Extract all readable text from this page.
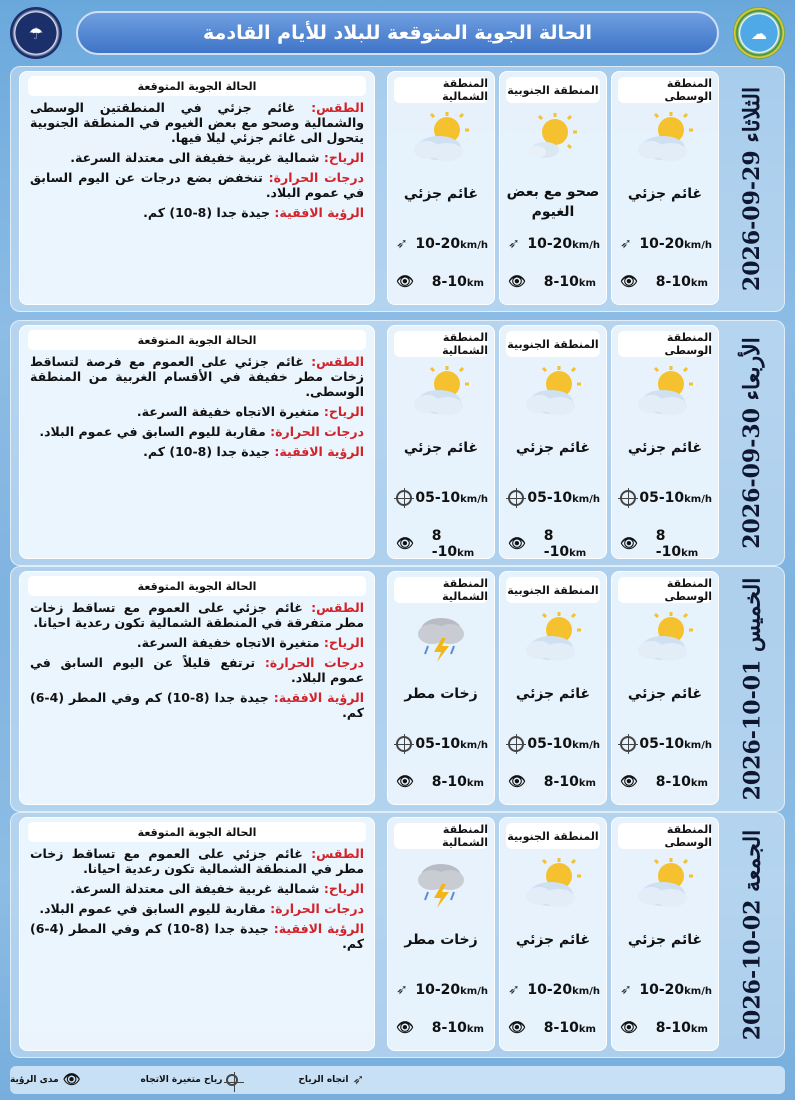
☂	الحالة الجوية المتوقعة للبلاد للأيام القادمة	☁
الثلاثاء 29-09-2026
المنطقة الوسطى
غائم جزئي
➶ 10-20km/h
👁 8-10km
المنطقة الجنوبية
صحو مع بعض الغيوم
➶ 10-20km/h
👁 8-10km
المنطقة الشمالية
غائم جزئي
➶ 10-20km/h
👁 8-10km
الحالة الجوية المتوقعة

الطقس: غائم جزئي في المنطقتين الوسطى والشمالية وصحو مع بعض الغيوم في المنطقة الجنوبية يتحول الى غائم جزئي ليلا فيها.

الرياح: شمالية غربية خفيفة الى معتدلة السرعة.

درجات الحرارة: تنخفض بضع درجات عن اليوم السابق في عموم البلاد.

الرؤية الافقية: جيدة جدا (8-10) كم.

الأربعاء 30-09-2026
المنطقة الوسطى
غائم جزئي
05-10km/h
👁 8 -10km
المنطقة الجنوبية
غائم جزئي
05-10km/h
👁 8 -10km
المنطقة الشمالية
غائم جزئي
05-10km/h
👁 8 -10km
الحالة الجوية المتوقعة

الطقس: غائم جزئي على العموم مع فرصة لتساقط زخات مطر خفيفة في الأقسام الغربية من المنطقة الوسطى.

الرياح: متغيرة الاتجاه خفيفة السرعة.

درجات الحرارة: مقاربة لليوم السابق في عموم البلاد.

الرؤية الافقية: جيدة جدا (8-10) كم.

الخميس 01-10-2026
المنطقة الوسطى
غائم جزئي
05-10km/h
👁 8-10km
المنطقة الجنوبية
غائم جزئي
05-10km/h
👁 8-10km
المنطقة الشمالية
زخات مطر
05-10km/h
👁 8-10km
الحالة الجوية المتوقعة

الطقس: غائم جزئي على العموم مع تساقط زخات مطر متفرقة في المنطقة الشمالية تكون رعدية احيانا.

الرياح: متغيرة الاتجاه خفيفة السرعة.

درجات الحرارة: ترتفع قليلاً عن اليوم السابق في عموم البلاد.

الرؤية الافقية: جيدة جدا (8-10) كم وفي المطر (4-6) كم.

الجمعة 02-10-2026
المنطقة الوسطى
غائم جزئي
➶ 10-20km/h
👁 8-10km
المنطقة الجنوبية
غائم جزئي
➶ 10-20km/h
👁 8-10km
المنطقة الشمالية
زخات مطر
➶ 10-20km/h
👁 8-10km
الحالة الجوية المتوقعة

الطقس: غائم جزئي على العموم مع تساقط زخات مطر في المنطقة الشمالية تكون رعدية احيانا.

الرياح: شمالية غربية خفيفة الى معتدلة السرعة.

درجات الحرارة: مقاربة لليوم السابق في عموم البلاد.

الرؤية الافقية: جيدة جدا (8-10) كم وفي المطر (4-6) كم.

➶
اتجاه الرياح
رياح متغيرة الاتجاه
👁
مدى الرؤية
